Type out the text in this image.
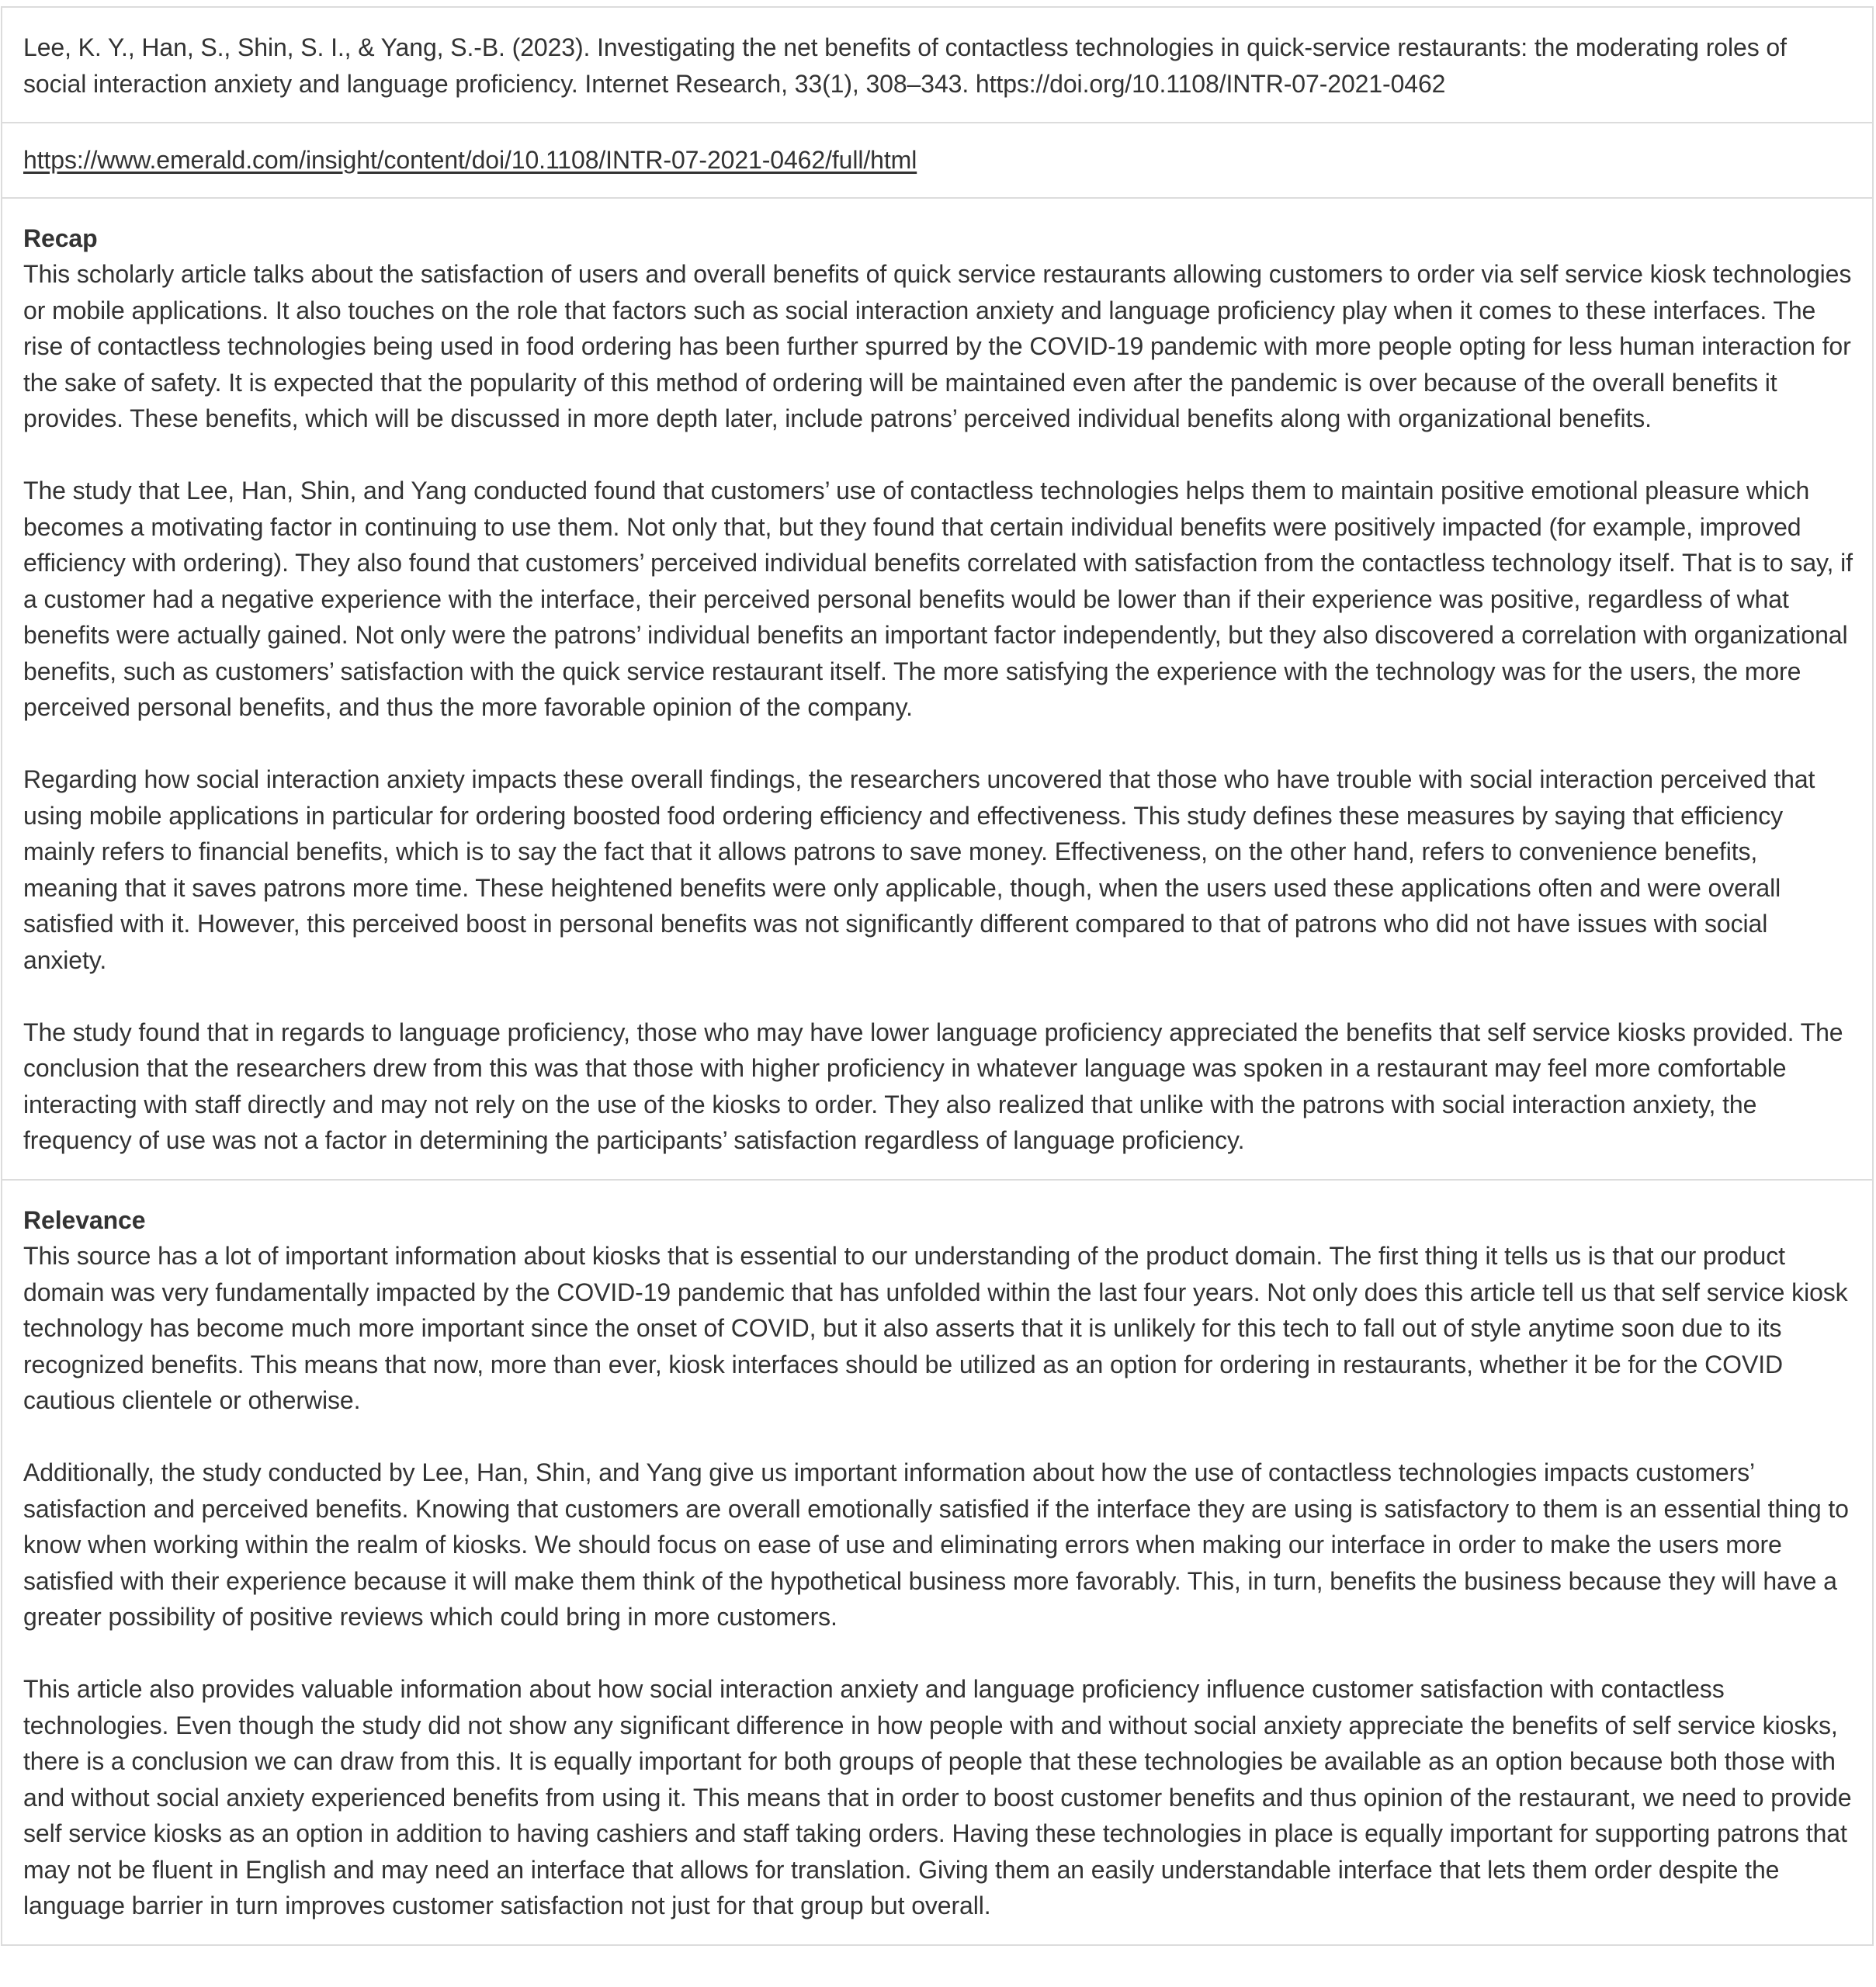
Lee, K. Y., Han, S., Shin, S. I., & Yang, S.-B. (2023). Investigating the net benefits of contactless technologies in quick-service restaurants: the moderating roles of social interaction anxiety and language proficiency. Internet Research, 33(1), 308–343. https://doi.org/10.1108/INTR-07-2021-0462

https://www.emerald.com/insight/content/doi/10.1108/INTR-07-2021-0462/full/html

Recap

This scholarly article talks about the satisfaction of users and overall benefits of quick service restaurants allowing customers to order via self service kiosk technologies or mobile applications. It also touches on the role that factors such as social interaction anxiety and language proficiency play when it comes to these interfaces. The rise of contactless technologies being used in food ordering has been further spurred by the COVID-19 pandemic with more people opting for less human interaction for the sake of safety. It is expected that the popularity of this method of ordering will be maintained even after the pandemic is over because of the overall benefits it provides. These benefits, which will be discussed in more depth later, include patrons’ perceived individual benefits along with organizational benefits.

The study that Lee, Han, Shin, and Yang conducted found that customers’ use of contactless technologies helps them to maintain positive emotional pleasure which becomes a motivating factor in continuing to use them. Not only that, but they found that certain individual benefits were positively impacted (for example, improved efficiency with ordering). They also found that customers’ perceived individual benefits correlated with satisfaction from the contactless technology itself. That is to say, if a customer had a negative experience with the interface, their perceived personal benefits would be lower than if their experience was positive, regardless of what benefits were actually gained. Not only were the patrons’ individual benefits an important factor independently, but they also discovered a correlation with organizational benefits, such as customers’ satisfaction with the quick service restaurant itself. The more satisfying the experience with the technology was for the users, the more perceived personal benefits, and thus the more favorable opinion of the company.

Regarding how social interaction anxiety impacts these overall findings, the researchers uncovered that those who have trouble with social interaction perceived that using mobile applications in particular for ordering boosted food ordering efficiency and effectiveness. This study defines these measures by saying that efficiency mainly refers to financial benefits, which is to say the fact that it allows patrons to save money. Effectiveness, on the other hand, refers to convenience benefits, meaning that it saves patrons more time. These heightened benefits were only applicable, though, when the users used these applications often and were overall satisfied with it. However, this perceived boost in personal benefits was not significantly different compared to that of patrons who did not have issues with social anxiety.

The study found that in regards to language proficiency, those who may have lower language proficiency appreciated the benefits that self service kiosks provided. The conclusion that the researchers drew from this was that those with higher proficiency in whatever language was spoken in a restaurant may feel more comfortable interacting with staff directly and may not rely on the use of the kiosks to order. They also realized that unlike with the patrons with social interaction anxiety, the frequency of use was not a factor in determining the participants’ satisfaction regardless of language proficiency.

Relevance

This source has a lot of important information about kiosks that is essential to our understanding of the product domain. The first thing it tells us is that our product domain was very fundamentally impacted by the COVID-19 pandemic that has unfolded within the last four years. Not only does this article tell us that self service kiosk technology has become much more important since the onset of COVID, but it also asserts that it is unlikely for this tech to fall out of style anytime soon due to its recognized benefits. This means that now, more than ever, kiosk interfaces should be utilized as an option for ordering in restaurants, whether it be for the COVID cautious clientele or otherwise.

Additionally, the study conducted by Lee, Han, Shin, and Yang give us important information about how the use of contactless technologies impacts customers’ satisfaction and perceived benefits. Knowing that customers are overall emotionally satisfied if the interface they are using is satisfactory to them is an essential thing to know when working within the realm of kiosks. We should focus on ease of use and eliminating errors when making our interface in order to make the users more satisfied with their experience because it will make them think of the hypothetical business more favorably. This, in turn, benefits the business because they will have a greater possibility of positive reviews which could bring in more customers.

This article also provides valuable information about how social interaction anxiety and language proficiency influence customer satisfaction with contactless technologies. Even though the study did not show any significant difference in how people with and without social anxiety appreciate the benefits of self service kiosks, there is a conclusion we can draw from this. It is equally important for both groups of people that these technologies be available as an option because both those with and without social anxiety experienced benefits from using it. This means that in order to boost customer benefits and thus opinion of the restaurant, we need to provide self service kiosks as an option in addition to having cashiers and staff taking orders. Having these technologies in place is equally important for supporting patrons that may not be fluent in English and may need an interface that allows for translation. Giving them an easily understandable interface that lets them order despite the language barrier in turn improves customer satisfaction not just for that group but overall.
